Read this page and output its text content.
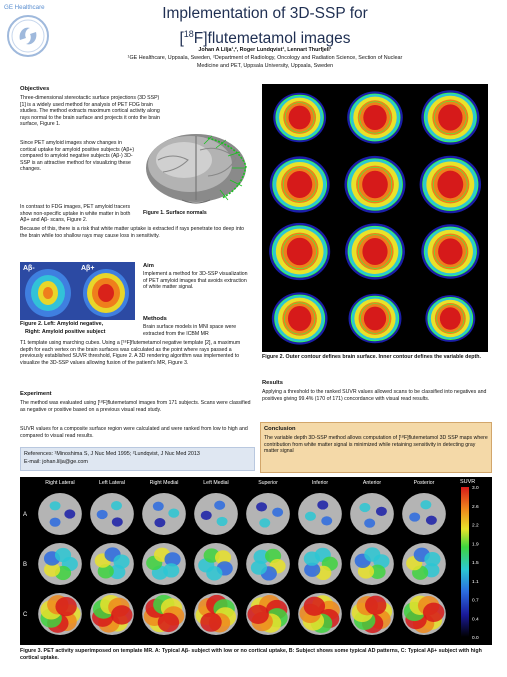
GE Healthcare	Implementation of 3D-SSP for
[$^{18}$F]flutemetamol images
Johan A Lilja¹,², Roger Lundqvist¹, Lennart Thurfjell¹
¹GE Healthcare, Uppsala, Sweden, ²Department of Radiology, Oncology and Radiation Science, Section of Nuclear
Medicine and PET, Uppsala University, Uppsala, Sweden
Objectives
Three-dimensional stereotactic surface projections (3D SSP) [1] is a widely used method for analysis of PET FDG brain studies. The method extracts maximum cortical activity along rays normal to the brain surface and projects it onto the brain surface, Figure 1.
Since PET amyloid images show changes in cortical uptake for amyloid positive subjects (Aβ+) compared to amyloid negative subjects (Aβ-) 3D-SSP is an attractive method for visualizing these changes.
In contrast to FDG images, PET amyloid tracers show non-specific uptake in white matter in both Aβ+ and Aβ- scans, Figure 2.
Because of this, there is a risk that white matter uptake is extracted if rays penetrate too deep into the brain while too shallow rays may cause loss in sensitivity.
Figure 1. Surface normals
Aβ-	Aβ+
Figure 2. Left: Amyloid negative,
Right: Amyloid positive subject
Aim
Implement a method for 3D-SSP visualization of PET amyloid images that avoids extraction of white matter signal.
Methods
Brain surface models in MNI space were extracted from the ICBM MR
T1 template using marching cubes. Using a [¹⁸F]flutemetamol negative template [2], a maximum depth for each vertex on the brain surfaces was calculated as the point where rays passed a previously established SUVR threshold, Figure 2. A 3D rendering algorithm was implemented to visualize the 3D-SSP values allowing fusion of the patient's MR, Figure 3.
Experiment
The method was evaluated using [¹⁸F]flutemetamol images from 171 subjects. Scans were classified as negative or positive based on a previous visual read study.
SUVR values for a composite surface region were calculated and were ranked from low to high and compared to visual read results.
References: ¹Minoshima S, J Nuc Med 1995; ²Lundqvist, J Nuc Med 2013
E-mail: johan.lilja@ge.com
Figure 2. Outer contour defines brain surface. Inner contour defines the variable depth.
Results
Applying a threshold to the ranked SUVR values allowed scans to be classified into negatives and positives giving 99.4% (170 of 171) concordance with visual read results.
Conclusion
The variable depth 3D-SSP method allows computation of [¹⁸F]flutemetamol 3D SSP maps where contribution from white matter signal is minimized while retaining sensitivity in detecting gray matter signal
Right Lateral	Left Lateral	Right Medial	Left Medial	Superior	Inferior	Anterior	Posterior
A
B
C
SUVR
3.0
2.6
2.2
1.9
1.5
1.1
0.7
0.4
0.0
Figure 3. PET activity superimposed on template MR. A: Typical Aβ- subject with low or no cortical uptake, B: Subject shows some typical AD patterns, C: Typical Aβ+ subject with high cortical uptake.
